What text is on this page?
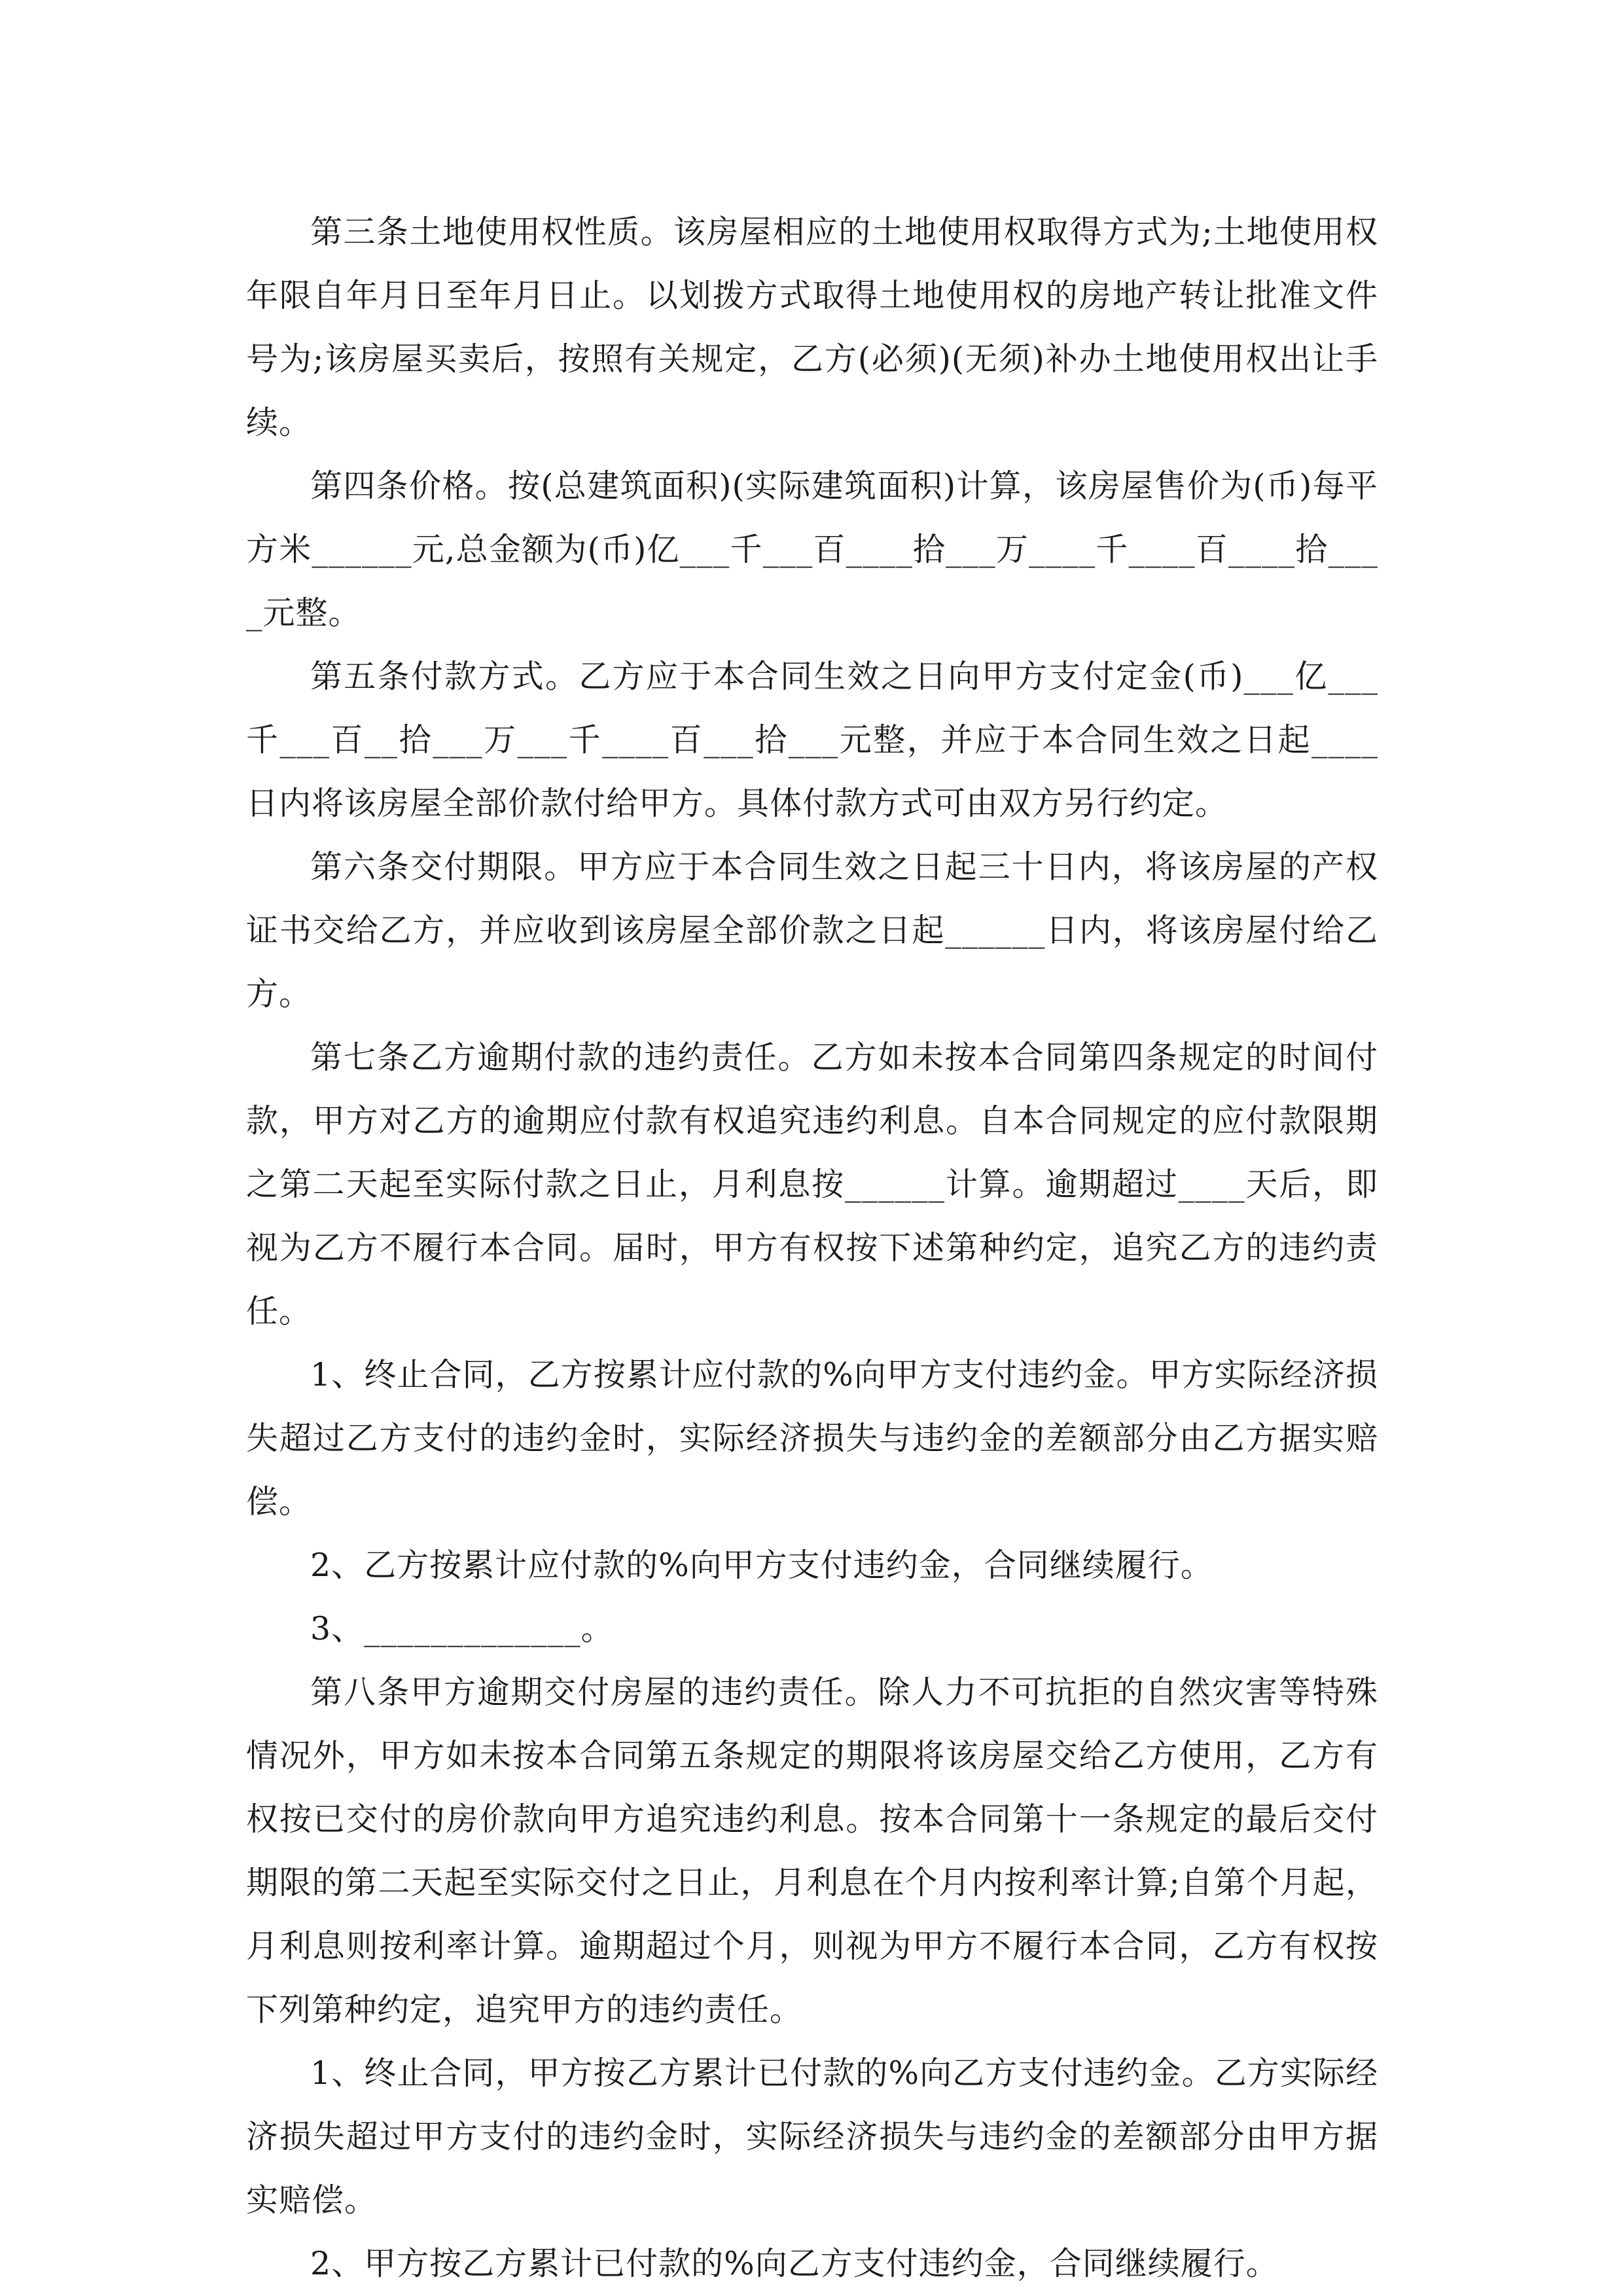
第三条土地使用权性质。该房屋相应的土地使用权取得方式为;土地使用权年限自年月日至年月日止。以划拨方式取得土地使用权的房地产转让批准文件号为;该房屋买卖后，按照有关规定，乙方(必须)(无须)补办土地使用权出让手续。

第四条价格。按(总建筑面积)(实际建筑面积)计算，该房屋售价为(币)每平方米______元,总金额为(币)亿___千___百____拾___万____千____百____拾____元整。

第五条付款方式。乙方应于本合同生效之日向甲方支付定金(币)___亿___千___百__拾___万___千____百___拾___元整，并应于本合同生效之日起____日内将该房屋全部价款付给甲方。具体付款方式可由双方另行约定。

第六条交付期限。甲方应于本合同生效之日起三十日内，将该房屋的产权证书交给乙方，并应收到该房屋全部价款之日起______日内，将该房屋付给乙方。

第七条乙方逾期付款的违约责任。乙方如未按本合同第四条规定的时间付款，甲方对乙方的逾期应付款有权追究违约利息。自本合同规定的应付款限期之第二天起至实际付款之日止，月利息按______计算。逾期超过____天后，即视为乙方不履行本合同。届时，甲方有权按下述第种约定，追究乙方的违约责任。

1、终止合同，乙方按累计应付款的%向甲方支付违约金。甲方实际经济损失超过乙方支付的违约金时，实际经济损失与违约金的差额部分由乙方据实赔偿。

2、乙方按累计应付款的%向甲方支付违约金，合同继续履行。

3、_____________。

第八条甲方逾期交付房屋的违约责任。除人力不可抗拒的自然灾害等特殊情况外，甲方如未按本合同第五条规定的期限将该房屋交给乙方使用，乙方有权按已交付的房价款向甲方追究违约利息。按本合同第十一条规定的最后交付期限的第二天起至实际交付之日止，月利息在个月内按利率计算;自第个月起，月利息则按利率计算。逾期超过个月，则视为甲方不履行本合同，乙方有权按下列第种约定，追究甲方的违约责任。

1、终止合同，甲方按乙方累计已付款的%向乙方支付违约金。乙方实际经济损失超过甲方支付的违约金时，实际经济损失与违约金的差额部分由甲方据实赔偿。

2、甲方按乙方累计已付款的%向乙方支付违约金，合同继续履行。
